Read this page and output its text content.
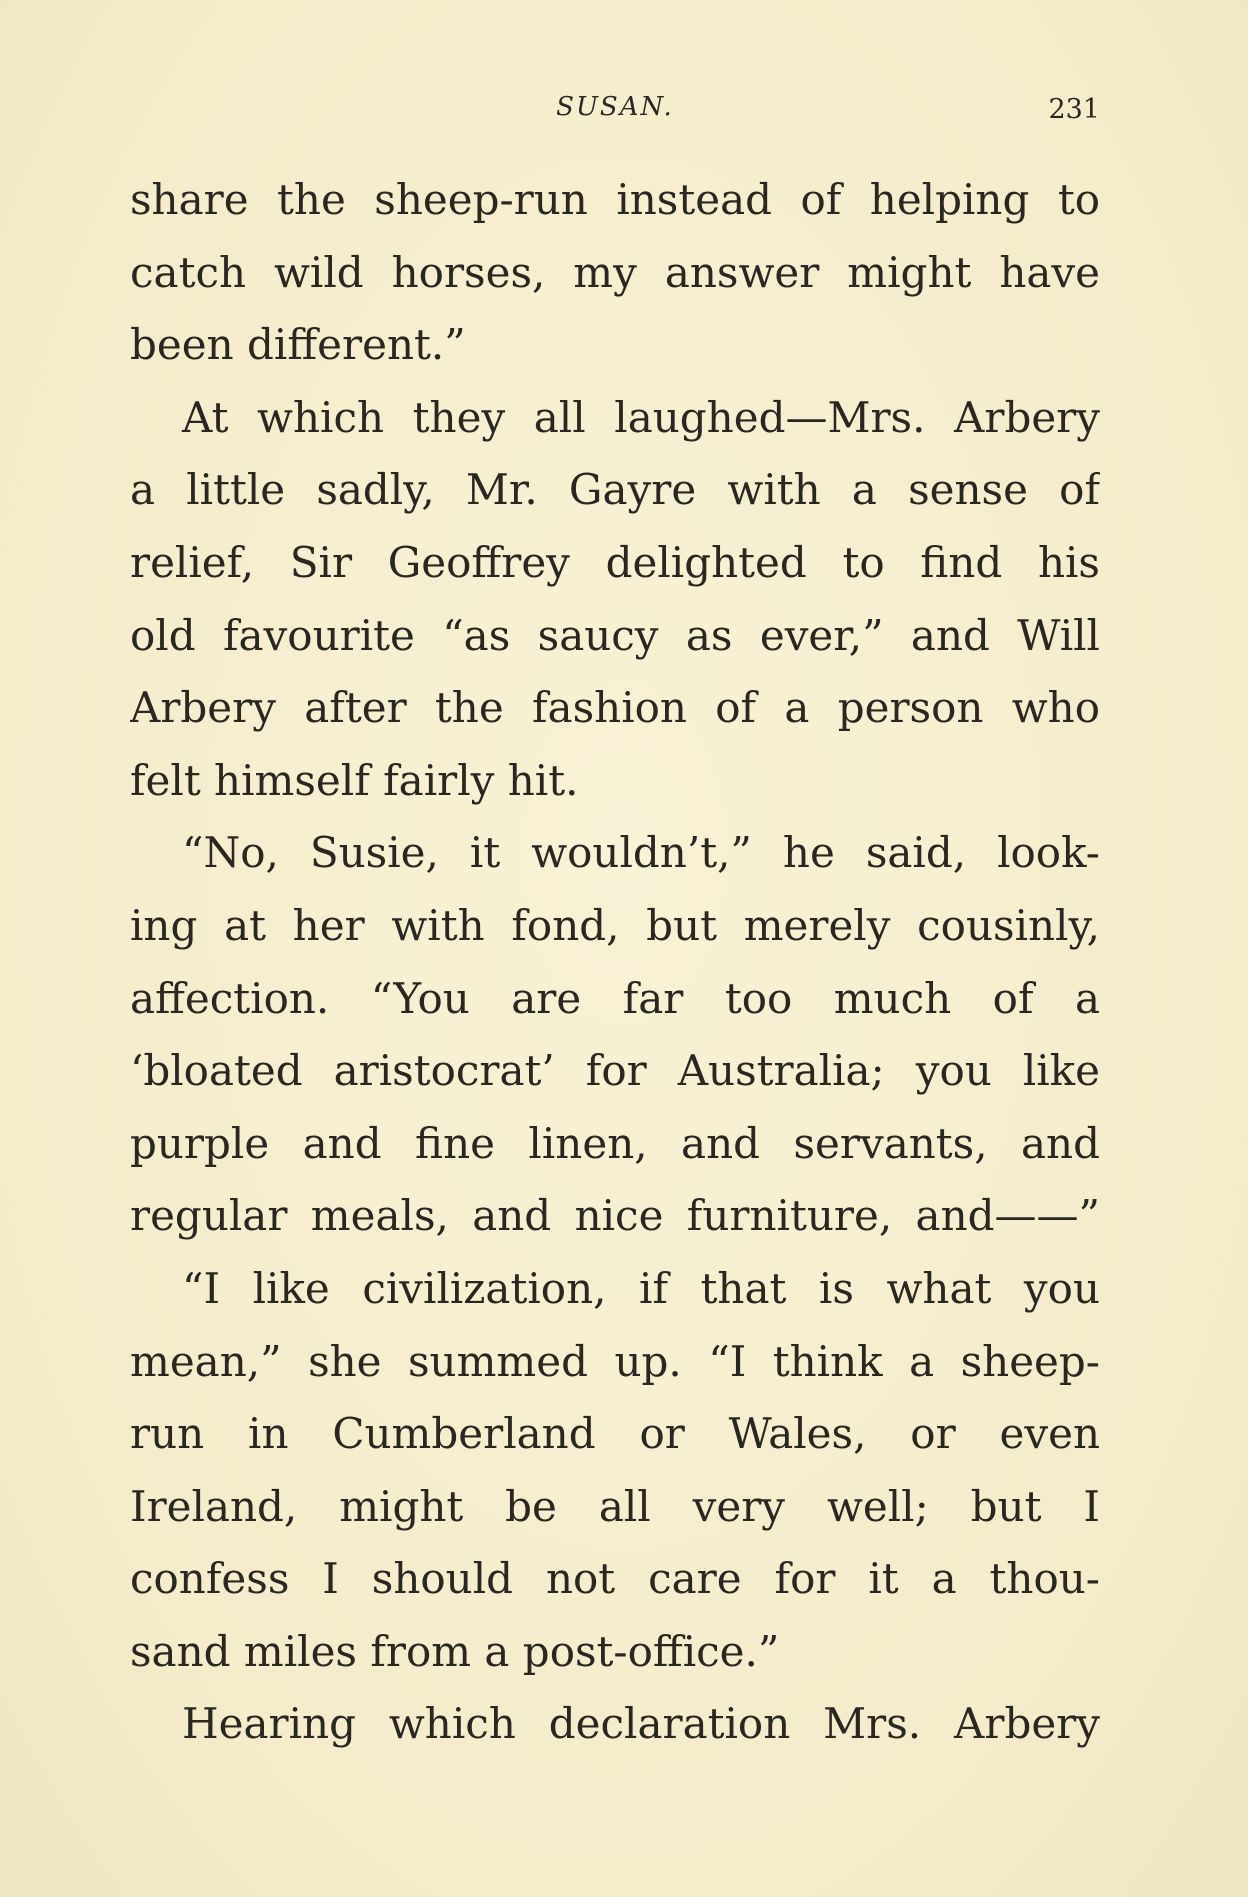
SUSAN.	231
share the sheep-run instead of helping to
catch wild horses, my answer might have
been different.”
At which they all laughed—Mrs. Arbery
a little sadly, Mr. Gayre with a sense of
relief, Sir Geoffrey delighted to find his
old favourite “as saucy as ever,” and Will
Arbery after the fashion of a person who
felt himself fairly hit.
“No, Susie, it wouldn’t,” he said, look-
ing at her with fond, but merely cousinly,
affection. “You are far too much of a
‘bloated aristocrat’ for Australia; you like
purple and fine linen, and servants, and
regular meals, and nice furniture, and——”
“I like civilization, if that is what you
mean,” she summed up. “I think a sheep-
run in Cumberland or Wales, or even
Ireland, might be all very well; but I
confess I should not care for it a thou-
sand miles from a post-office.”
Hearing which declaration Mrs. Arbery
